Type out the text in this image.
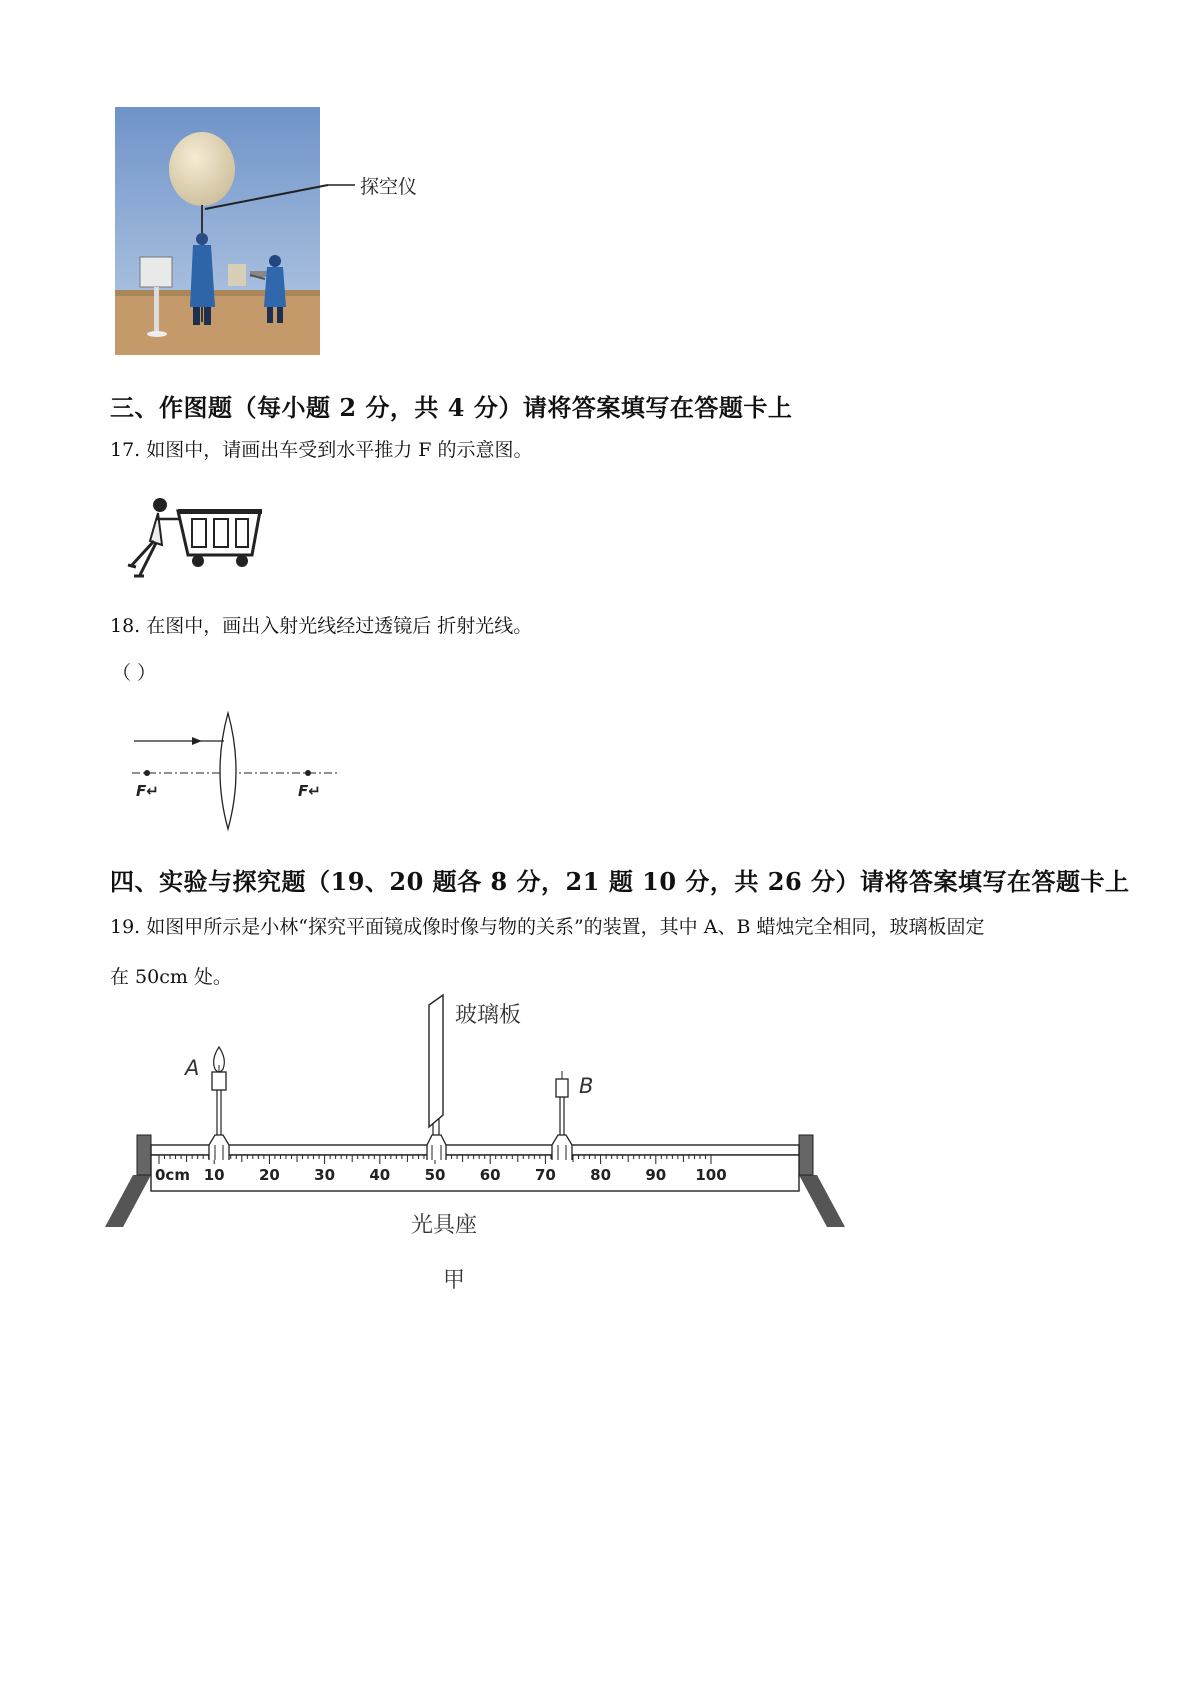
探空仪
三、作图题（每小题 2 分，共 4 分）请将答案填写在答题卡上
17. 如图中，请画出车受到水平推力 F 的示意图。
18. 在图中，画出入射光线经过透镜后 折射光线。
（ ）
F↵	F↵
四、实验与探究题（19、20 题各 8 分，21 题 10 分，共 26 分）请将答案填写在答题卡上
19. 如图甲所示是小林“探究平面镜成像时像与物的关系”的装置，其中 A、B 蜡烛完全相同，玻璃板固定
在 50cm 处。
0cm 10 20 30 40 50 60 70 80 90 100
A
玻璃板
B
光具座
甲
